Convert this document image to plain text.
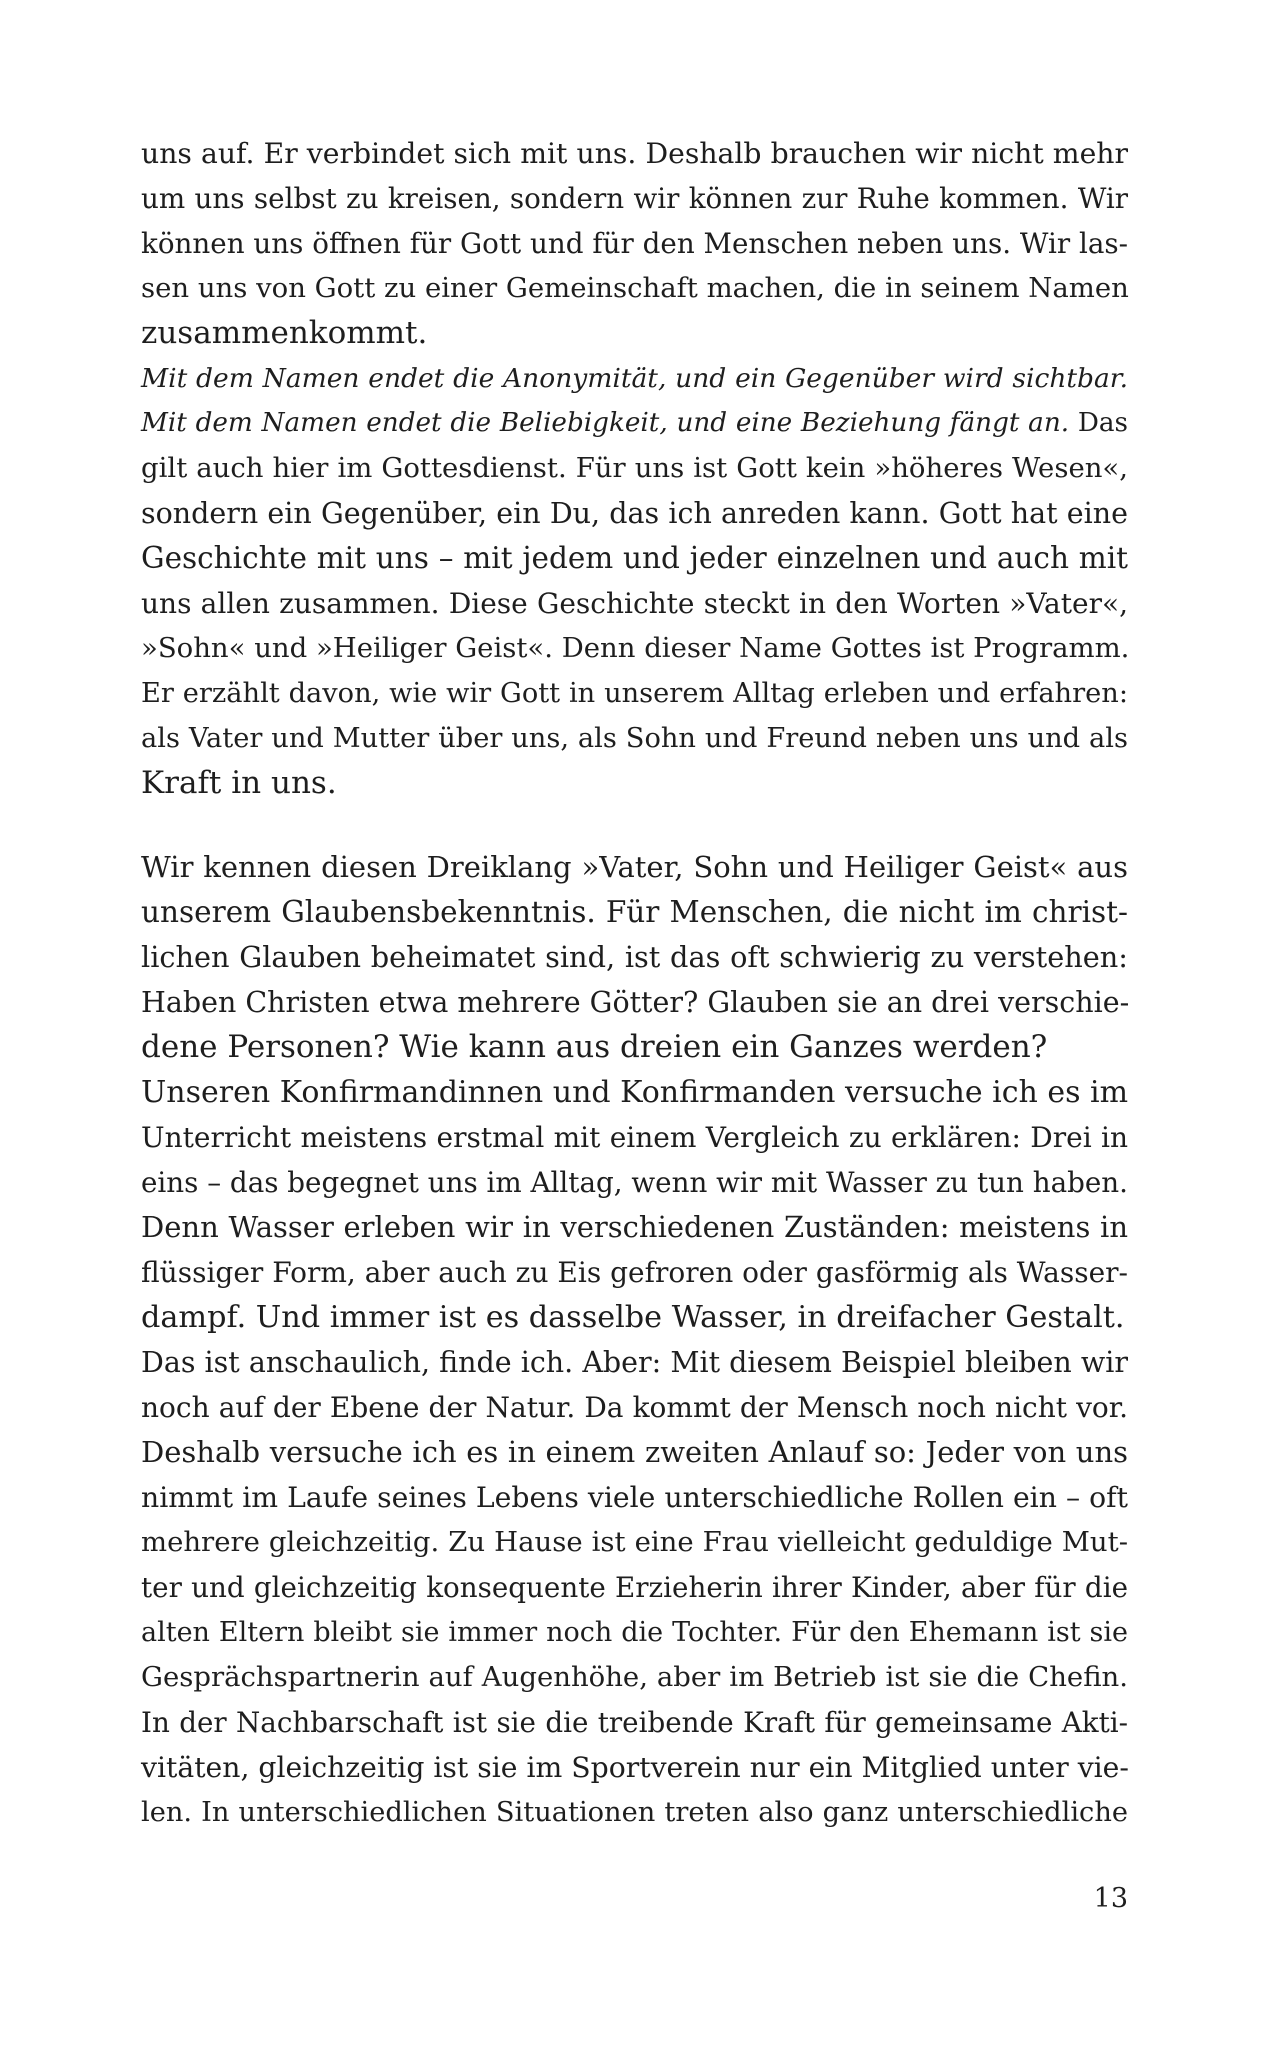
uns auf. Er verbindet sich mit uns. Deshalb brauchen wir nicht mehr
um uns selbst zu kreisen, sondern wir können zur Ruhe kommen. Wir
können uns öffnen für Gott und für den Menschen neben uns. Wir las-
sen uns von Gott zu einer Gemeinschaft machen, die in seinem Namen
zusammenkommt.

Mit dem Namen endet die Anonymität, und ein Gegenüber wird sichtbar.
Mit dem Namen endet die Beliebigkeit, und eine Beziehung fängt an. Das
gilt auch hier im Gottesdienst. Für uns ist Gott kein »höheres Wesen«,
sondern ein Gegenüber, ein Du, das ich anreden kann. Gott hat eine
Geschichte mit uns – mit jedem und jeder einzelnen und auch mit
uns allen zusammen. Diese Geschichte steckt in den Worten »Vater«,
»Sohn« und »Heiliger Geist«. Denn dieser Name Gottes ist Programm.
Er erzählt davon, wie wir Gott in unserem Alltag erleben und erfahren:
als Vater und Mutter über uns, als Sohn und Freund neben uns und als
Kraft in uns.

Wir kennen diesen Dreiklang »Vater, Sohn und Heiliger Geist« aus
unserem Glaubensbekenntnis. Für Menschen, die nicht im christ-
lichen Glauben beheimatet sind, ist das oft schwierig zu verstehen:
Haben Christen etwa mehrere Götter? Glauben sie an drei verschie-
dene Personen? Wie kann aus dreien ein Ganzes werden?

Unseren Konfirmandinnen und Konfirmanden versuche ich es im
Unterricht meistens erstmal mit einem Vergleich zu erklären: Drei in
eins – das begegnet uns im Alltag, wenn wir mit Wasser zu tun haben.
Denn Wasser erleben wir in verschiedenen Zuständen: meistens in
flüssiger Form, aber auch zu Eis gefroren oder gasförmig als Wasser-
dampf. Und immer ist es dasselbe Wasser, in dreifacher Gestalt.

Das ist anschaulich, finde ich. Aber: Mit diesem Beispiel bleiben wir
noch auf der Ebene der Natur. Da kommt der Mensch noch nicht vor.
Deshalb versuche ich es in einem zweiten Anlauf so: Jeder von uns
nimmt im Laufe seines Lebens viele unterschiedliche Rollen ein – oft
mehrere gleichzeitig. Zu Hause ist eine Frau vielleicht geduldige Mut-
ter und gleichzeitig konsequente Erzieherin ihrer Kinder, aber für die
alten Eltern bleibt sie immer noch die Tochter. Für den Ehemann ist sie
Gesprächspartnerin auf Augenhöhe, aber im Betrieb ist sie die Chefin.
In der Nachbarschaft ist sie die treibende Kraft für gemeinsame Akti-
vitäten, gleichzeitig ist sie im Sportverein nur ein Mitglied unter vie-
len. In unterschiedlichen Situationen treten also ganz unterschiedliche

13
